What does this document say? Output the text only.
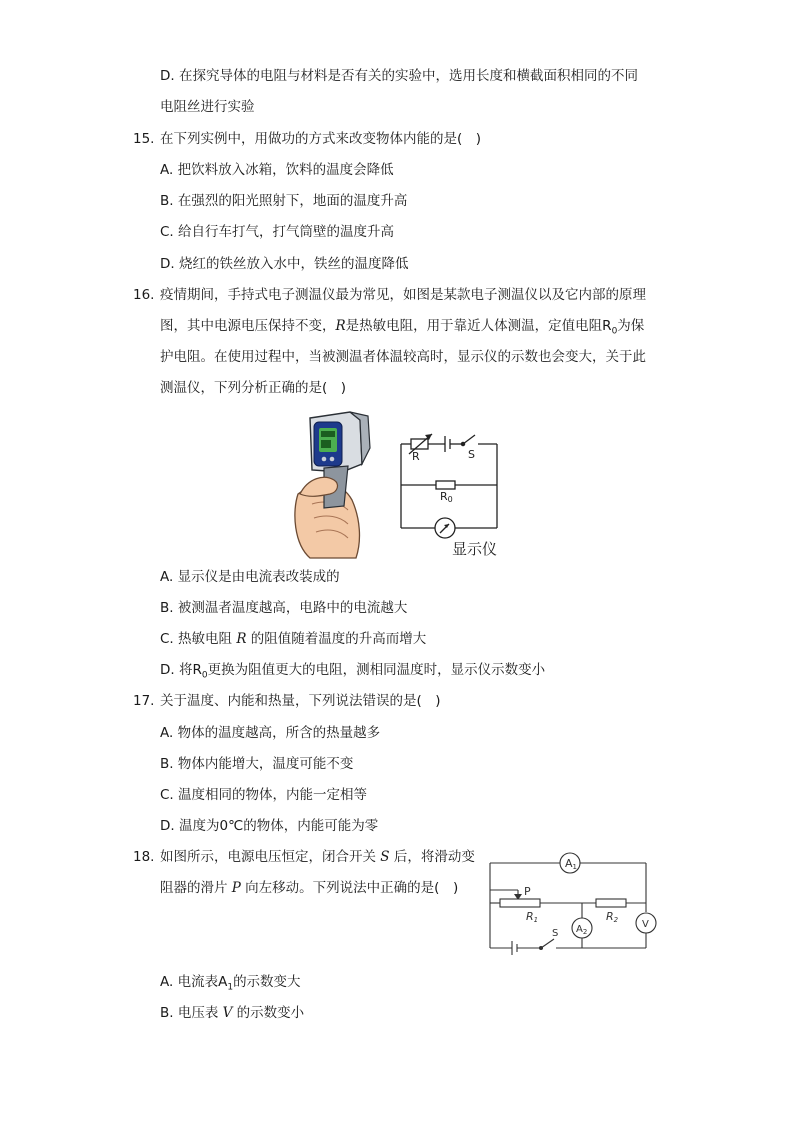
D. 在探究导体的电阻与材料是否有关的实验中，选用长度和横截面积相同的不同
电阻丝进行实验
15. 在下列实例中，用做功的方式来改变物体内能的是(　)
A. 把饮料放入冰箱，饮料的温度会降低
B. 在强烈的阳光照射下，地面的温度升高
C. 给自行车打气，打气筒壁的温度升高
D. 烧红的铁丝放入水中，铁丝的温度降低
16. 疫情期间，手持式电子测温仪最为常见，如图是某款电子测温仪以及它内部的原理
图，其中电源电压保持不变，R是热敏电阻，用于靠近人体测温，定值电阻$R_0$为保
护电阻。在使用过程中，当被测温者体温较高时，显示仪的示数也会变大，关于此
测温仪，下列分析正确的是(　)
R	S
R0
显示仪
A. 显示仪是由电流表改装成的
B. 被测温者温度越高，电路中的电流越大
C. 热敏电阻 R 的阻值随着温度的升高而增大
D. 将$R_0$更换为阻值更大的电阻，测相同温度时，显示仪示数变小
17. 关于温度、内能和热量，下列说法错误的是(　)
A. 物体的温度越高，所含的热量越多
B. 物体内能增大，温度可能不变
C. 温度相同的物体，内能一定相等
D. 温度为0℃的物体，内能可能为零
18. 如图所示，电源电压恒定，闭合开关 S 后，将滑动变
阻器的滑片 P 向左移动。下列说法中正确的是(　)
A1
P
R1	R2
$A_2$
V
S
A. 电流表$A_1$的示数变大
B. 电压表 V 的示数变小
